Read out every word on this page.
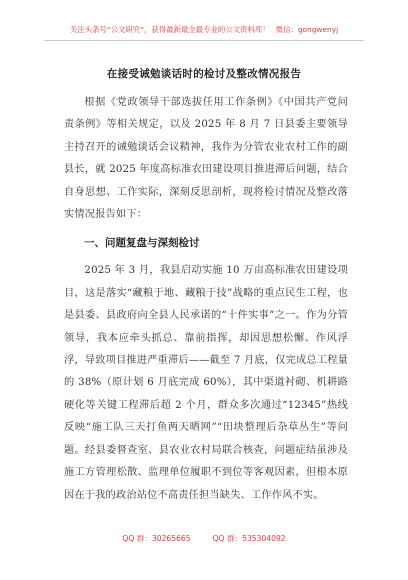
关注头条号“公文研究”，获得最新最全最专业的公文资料库！ 微信：gongwenyj
在接受诫勉谈话时的检讨及整改情况报告

根据《党政领导干部选拔任用工作条例》《中国共产党问责条例》等相关规定，以及 2025 年 8 月 7 日县委主要领导主持召开的诫勉谈话会议精神，我作为分管农业农村工作的副县长，就 2025 年度高标准农田建设项目推进滞后问题，结合自身思想、工作实际，深刻反思剖析，现将检讨情况及整改落实情况报告如下：

一、问题复盘与深刻检讨

2025 年 3 月，我县启动实施 10 万亩高标准农田建设项目，这是落实“藏粮于地、藏粮于技”战略的重点民生工程，也是县委、县政府向全县人民承诺的“十件实事”之一。作为分管领导，我本应牵头抓总、靠前指挥，却因思想松懈、作风浮浮，导致项目推进严重滞后——截至 7 月底，仅完成总工程量的 38%（原计划 6 月底完成 60%），其中渠道衬砌、机耕路硬化等关键工程滞后超 2 个月，群众多次通过“12345”热线反映“施工队三天打鱼两天晒网”“田块整理后杂草丛生”等问题。经县委督查室、县农业农村局联合核查，问题症结虽涉及施工方管理松散、监理单位履职不到位等客观因素，但根本原因在于我的政治站位不高责任担当缺失、工作作风不实。

QQ 群：30265665	QQ 群：535304092
